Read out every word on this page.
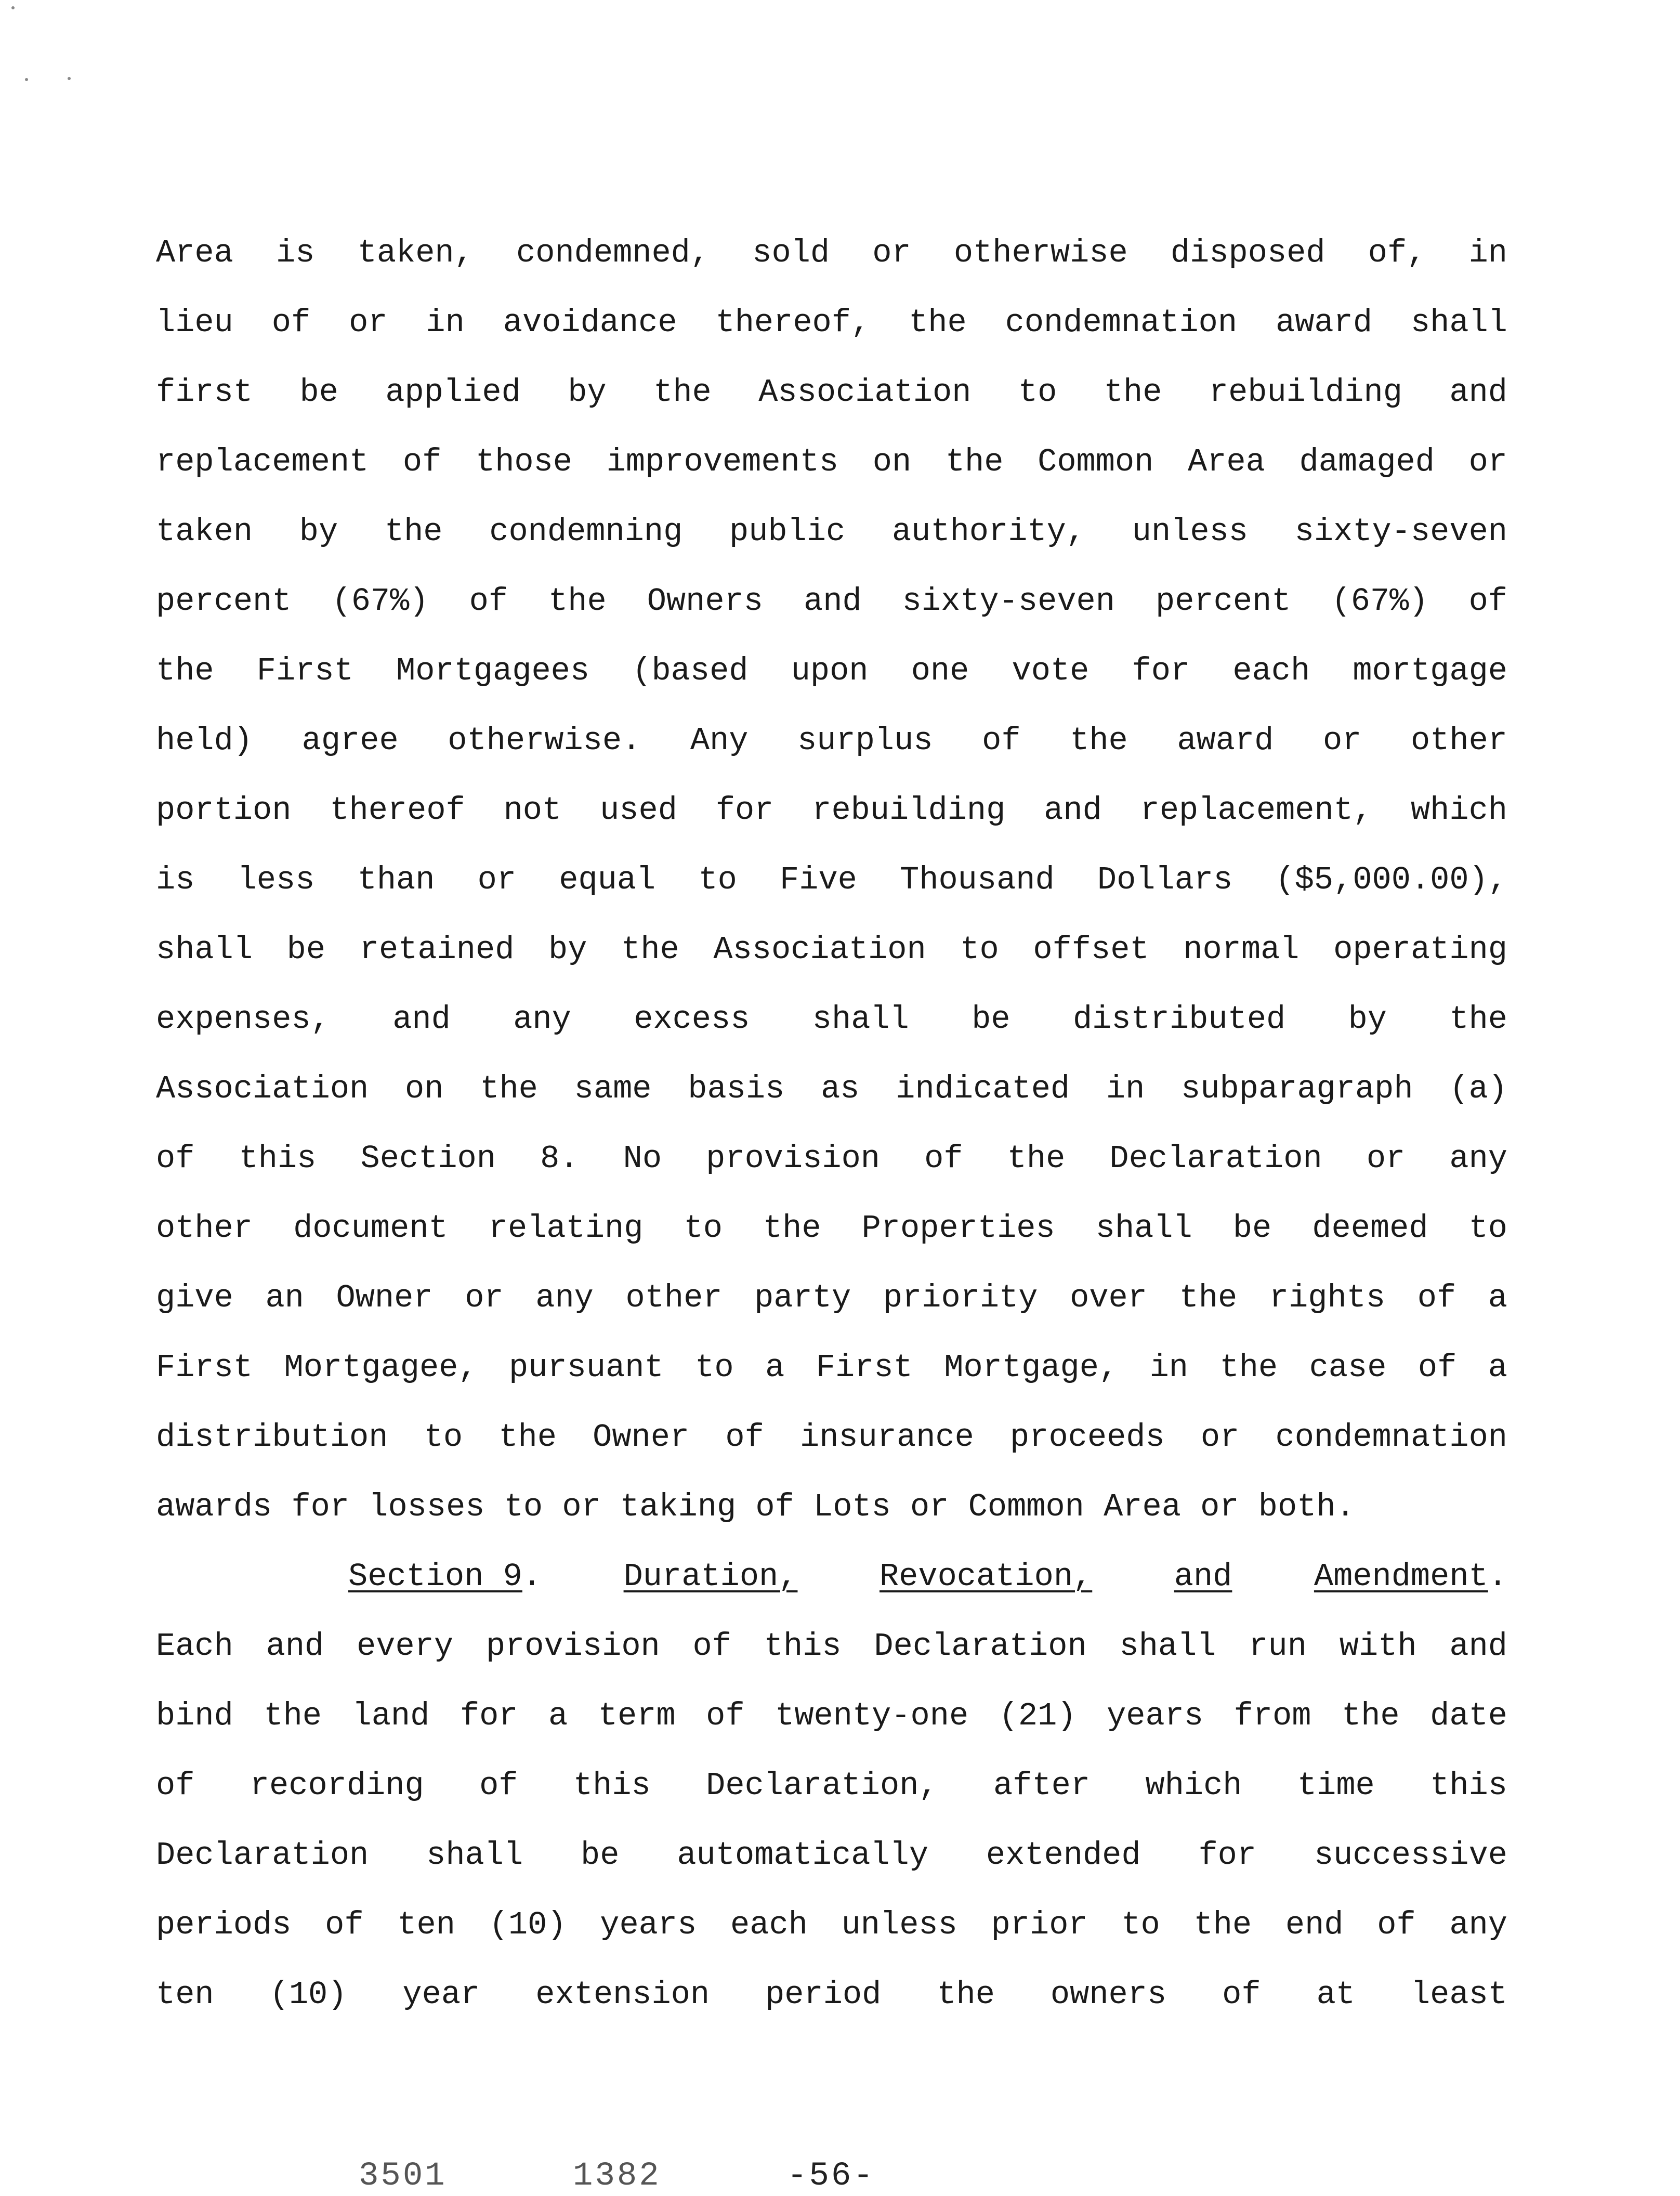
Area is taken, condemned, sold or otherwise disposed of, in
lieu of or in avoidance thereof, the condemnation award shall
first be applied by the Association to the rebuilding and
replacement of those improvements on the Common Area damaged or
taken by the condemning public authority, unless sixty-seven
percent (67%) of the Owners and sixty-seven percent (67%) of
the First Mortgagees (based upon one vote for each mortgage
held) agree otherwise. Any surplus of the award or other
portion thereof not used for rebuilding and replacement, which
is less than or equal to Five Thousand Dollars ($5,000.00),
shall be retained by the Association to offset normal operating
expenses, and any excess shall be distributed by the
Association on the same basis as indicated in subparagraph (a)
of this Section 8. No provision of the Declaration or any
other document relating to the Properties shall be deemed to
give an Owner or any other party priority over the rights of a
First Mortgagee, pursuant to a First Mortgage, in the case of a
distribution to the Owner of insurance proceeds or condemnation
awards for losses to or taking of Lots or Common Area or both.
Section 9.	Duration,	Revocation,	and	Amendment.
Each and every provision of this Declaration shall run with and
bind the land for a term of twenty-one (21) years from the date
of recording of this Declaration, after which time this
Declaration shall be automatically extended for successive
periods of ten (10) years each unless prior to the end of any
ten (10) year extension period the owners of at least
3501	1382	-56-
